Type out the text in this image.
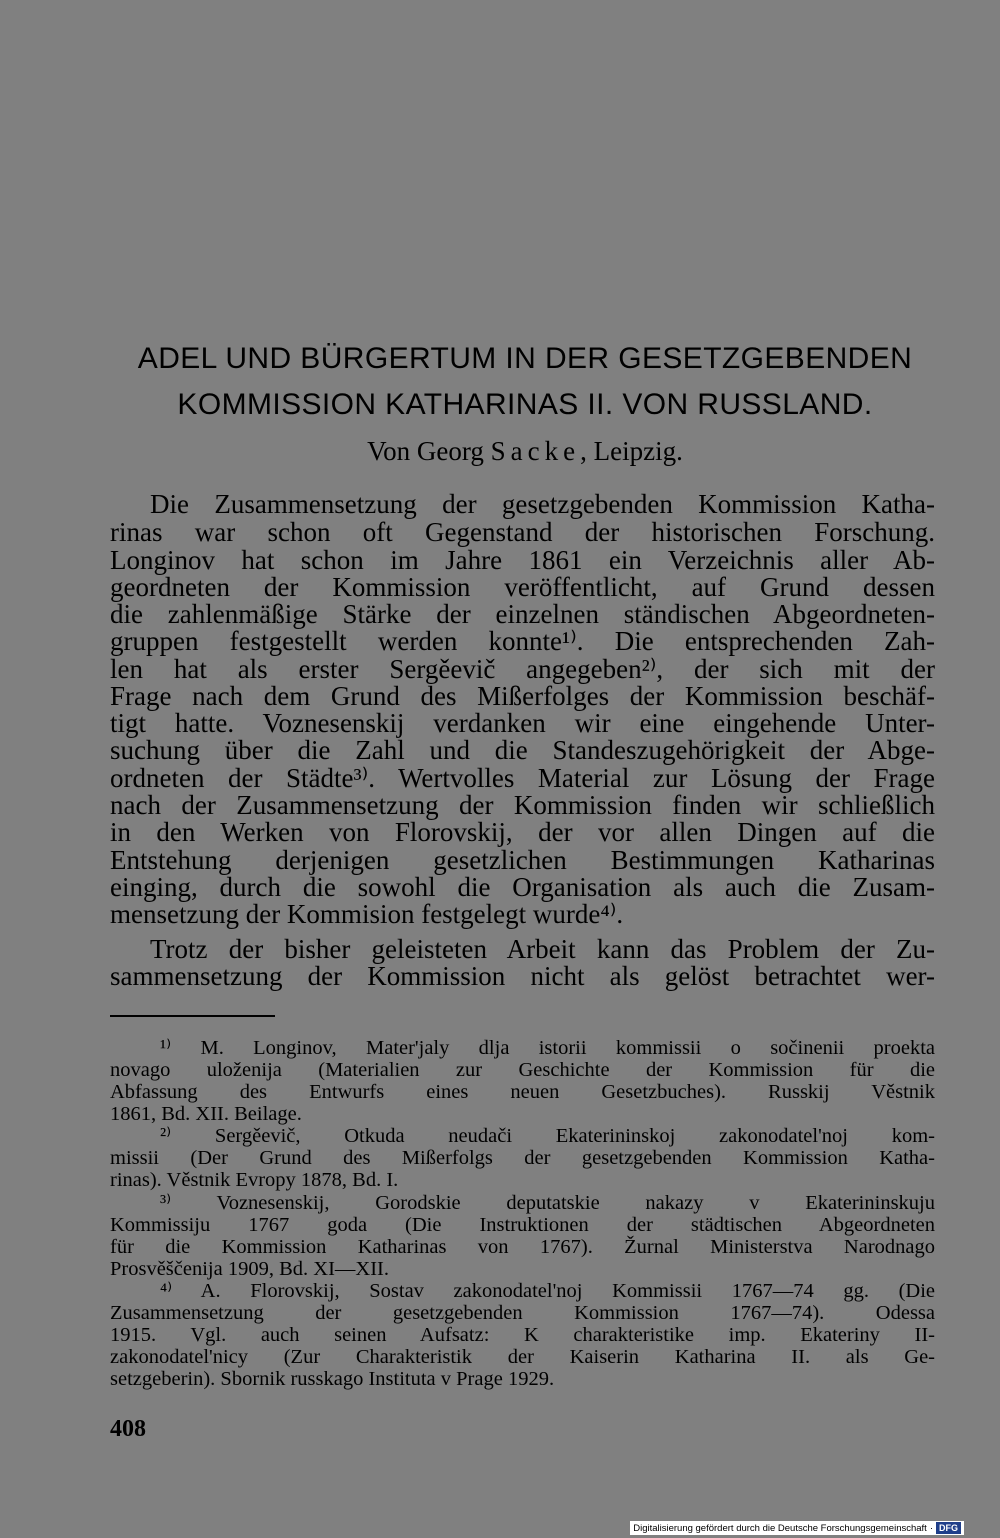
ADEL UND BÜRGERTUM IN DER GESETZGEBENDEN
KOMMISSION KATHARINAS II. VON RUSSLAND.
Von Georg Sacke, Leipzig.
Die Zusammensetzung der gesetzgebenden Kommission Katha-
rinas war schon oft Gegenstand der historischen Forschung.
Longinov hat schon im Jahre 1861 ein Verzeichnis aller Ab-
geordneten der Kommission veröffentlicht, auf Grund dessen
die zahlenmäßige Stärke der einzelnen ständischen Abgeordneten-
gruppen festgestellt werden konnte¹⁾. Die entsprechenden Zah-
len hat als erster Sergěevič angegeben²⁾, der sich mit der
Frage nach dem Grund des Mißerfolges der Kommission beschäf-
tigt hatte. Voznesenskij verdanken wir eine eingehende Unter-
suchung über die Zahl und die Standeszugehörigkeit der Abge-
ordneten der Städte³⁾. Wertvolles Material zur Lösung der Frage
nach der Zusammensetzung der Kommission finden wir schließlich
in den Werken von Florovskij, der vor allen Dingen auf die
Entstehung derjenigen gesetzlichen Bestimmungen Katharinas
einging, durch die sowohl die Organisation als auch die Zusam-
mensetzung der Kommision festgelegt wurde⁴⁾.
Trotz der bisher geleisteten Arbeit kann das Problem der Zu-
sammensetzung der Kommission nicht als gelöst betrachtet wer-
¹⁾ M. Longinov, Mater'jaly dlja istorii kommissii o sočinenii proekta
novago uloženija (Materialien zur Geschichte der Kommission für die
Abfassung des Entwurfs eines neuen Gesetzbuches). Russkij Věstnik
1861, Bd. XII. Beilage.
²⁾ Sergěevič, Otkuda neudači Ekaterininskoj zakonodatel'noj kom-
missii (Der Grund des Mißerfolgs der gesetzgebenden Kommission Katha-
rinas). Věstnik Evropy 1878, Bd. I.
³⁾ Voznesenskij, Gorodskie deputatskie nakazy v Ekaterininskuju
Kommissiju 1767 goda (Die Instruktionen der städtischen Abgeordneten
für die Kommission Katharinas von 1767). Žurnal Ministerstva Narodnago
Prosvěščenija 1909, Bd. XI—XII.
⁴⁾ A. Florovskij, Sostav zakonodatel'noj Kommissii 1767—74 gg. (Die
Zusammensetzung der gesetzgebenden Kommission 1767—74). Odessa
1915. Vgl. auch seinen Aufsatz: K charakteristike imp. Ekateriny II-
zakonodatel'nicy (Zur Charakteristik der Kaiserin Katharina II. als Ge-
setzgeberin). Sbornik russkago Instituta v Prage 1929.
408
Digitalisierung gefördert durch die Deutsche Forschungsgemeinschaft · DFG
